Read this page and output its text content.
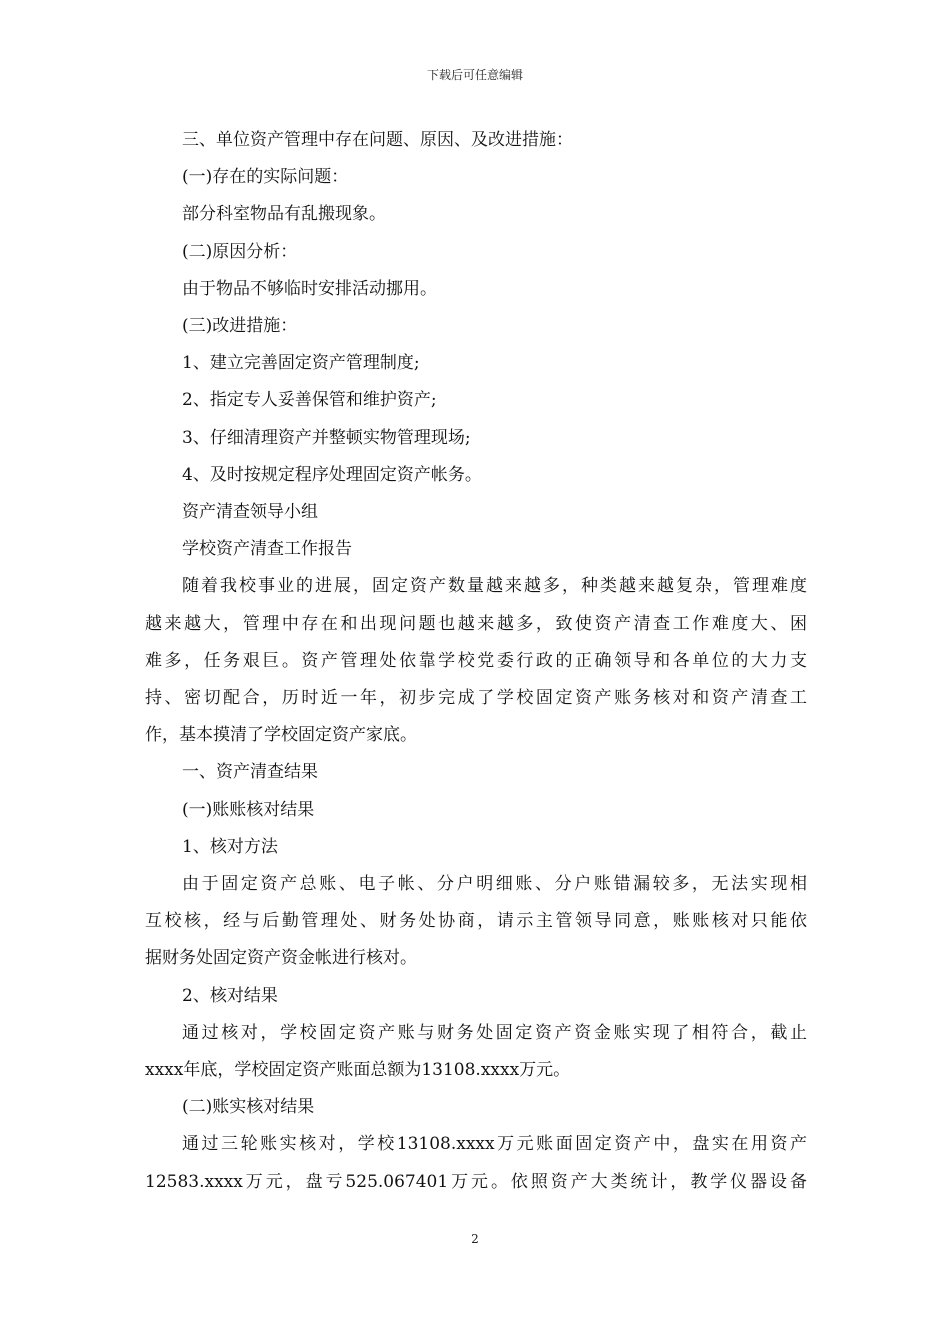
下载后可任意编辑
三、单位资产管理中存在问题、原因、及改进措施：
(一)存在的实际问题：
部分科室物品有乱搬现象。
(二)原因分析：
由于物品不够临时安排活动挪用。
(三)改进措施：
1、建立完善固定资产管理制度;
2、指定专人妥善保管和维护资产;
3、仔细清理资产并整顿实物管理现场;
4、及时按规定程序处理固定资产帐务。
资产清查领导小组
学校资产清查工作报告
随着我校事业的进展，固定资产数量越来越多，种类越来越复杂，管理难度
越来越大，管理中存在和出现问题也越来越多，致使资产清查工作难度大、困
难多，任务艰巨。资产管理处依靠学校党委行政的正确领导和各单位的大力支
持、密切配合，历时近一年，初步完成了学校固定资产账务核对和资产清查工
作，基本摸清了学校固定资产家底。
一、资产清查结果
(一)账账核对结果
1、核对方法
由于固定资产总账、电子帐、分户明细账、分户账错漏较多，无法实现相
互校核，经与后勤管理处、财务处协商，请示主管领导同意，账账核对只能依
据财务处固定资产资金帐进行核对。
2、核对结果
通过核对，学校固定资产账与财务处固定资产资金账实现了相符合，截止
xxxx年底，学校固定资产账面总额为13108.xxxx万元。
(二)账实核对结果
通过三轮账实核对，学校13108.xxxx万元账面固定资产中，盘实在用资产
12583.xxxx万元，盘亏525.067401万元。依照资产大类统计，教学仪器设备
2
